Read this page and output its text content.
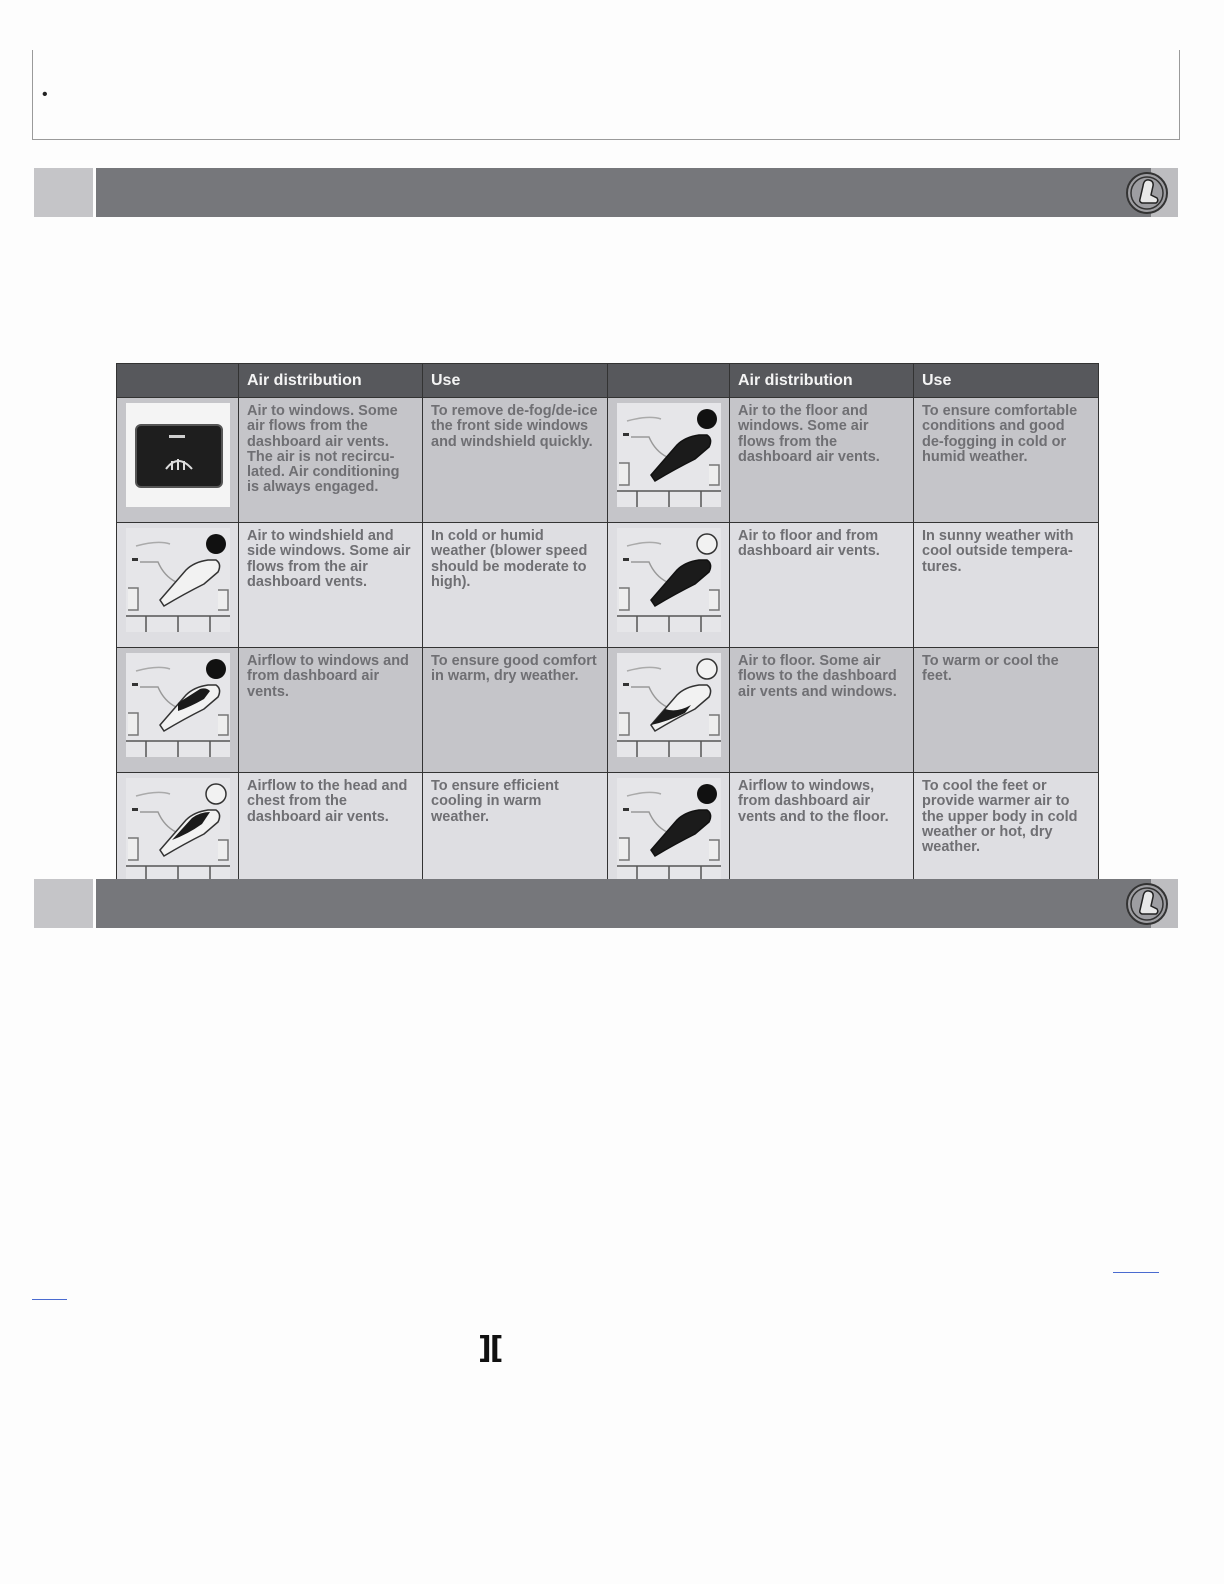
•
	Air distribution	Use		Air distribution	Use

	Air to windows. Some air flows from the dashboard air vents. The air is not recircu-lated. Air conditioning is always engaged.	To remove de-fog/de-ice the front side windows and windshield quickly.		Air to the floor and windows. Some air flows from the dashboard air vents.	To ensure comfortable conditions and good de-fogging in cold or humid weather.

	Air to windshield and side windows. Some air flows from the air dashboard vents.	In cold or humid weather (blower speed should be moderate to high).		Air to floor and from dashboard air vents.	In sunny weather with cool outside tempera-tures.

	Airflow to windows and from dashboard air vents.	To ensure good comfort in warm, dry weather.		Air to floor. Some air flows to the dashboard air vents and windows.	To warm or cool the feet.

	Airflow to the head and chest from the dashboard air vents.	To ensure efficient cooling in warm weather.		Airflow to windows, from dashboard air vents and to the floor.	To cool the feet or provide warmer air to the upper body in cold weather or hot, dry weather.
][
